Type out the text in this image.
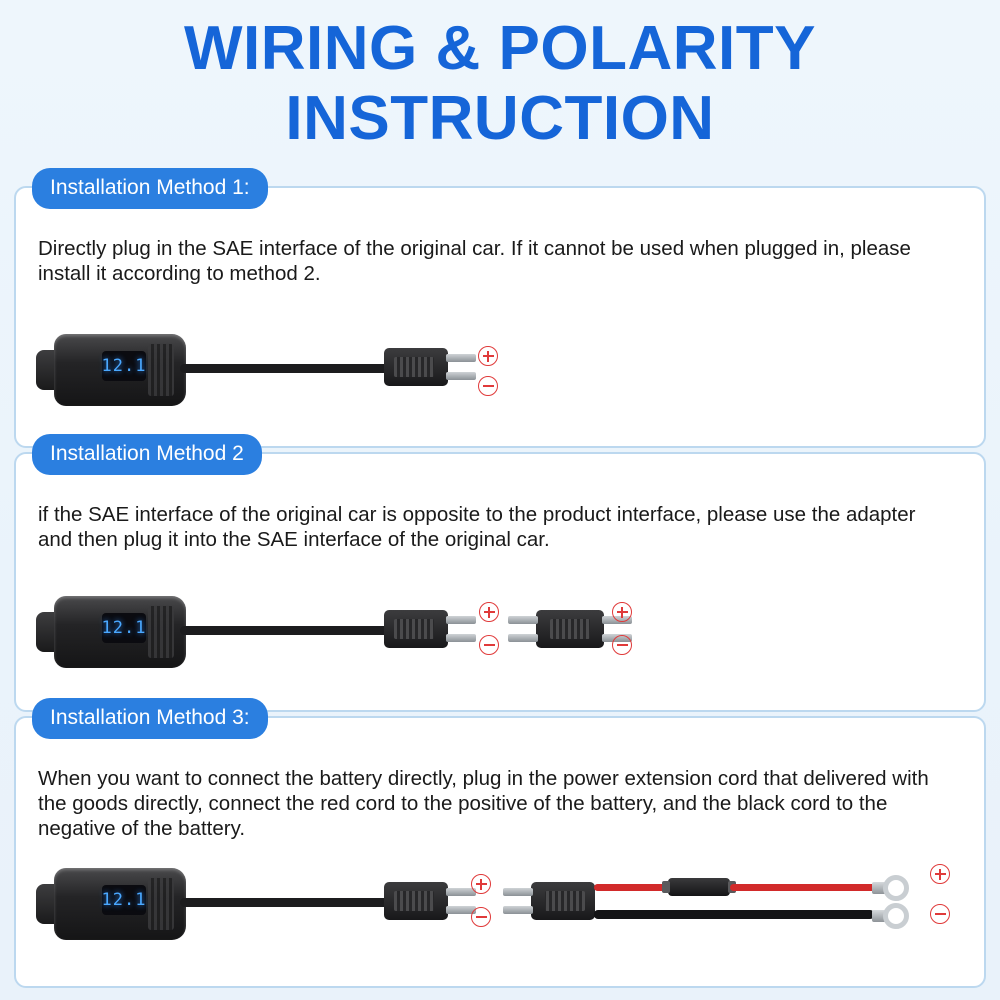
WIRING & POLARITY
INSTRUCTION
Installation Method 1:
Directly plug in the SAE interface of the original car. If it cannot be used when plugged in, please install it according to method 2.
12.1
Installation Method 2
if the SAE interface of the original car is opposite to the product interface, please use the adapter and then plug it into the SAE interface of the original car.
12.1
Installation Method 3:
When you want to connect the battery directly, plug in the power extension cord that delivered with the goods directly, connect the red cord to the positive of the battery, and the black cord to the negative of the battery.
12.1
